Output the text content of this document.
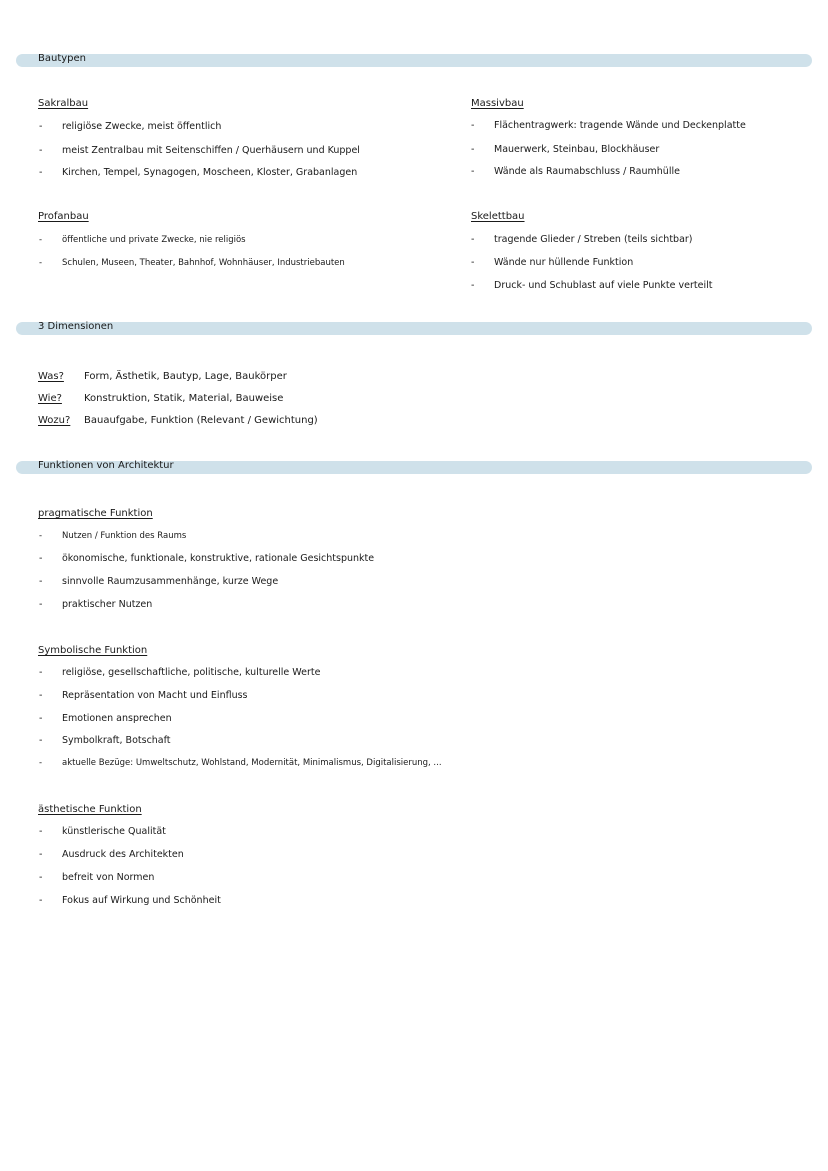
Bautypen
Sakralbau
- religiöse Zwecke, meist öffentlich
- meist Zentralbau mit Seitenschiffen / Querhäusern und Kuppel
- Kirchen, Tempel, Synagogen, Moscheen, Kloster, Grabanlagen
Profanbau
- öffentliche und private Zwecke, nie religiös
- Schulen, Museen, Theater, Bahnhof, Wohnhäuser, Industriebauten
Massivbau
- Flächentragwerk: tragende Wände und Deckenplatte
- Mauerwerk, Steinbau, Blockhäuser
- Wände als Raumabschluss / Raumhülle
Skelettbau
- tragende Glieder / Streben (teils sichtbar)
- Wände nur hüllende Funktion
- Druck- und Schublast auf viele Punkte verteilt
3 Dimensionen
Was? Form, Ästhetik, Bautyp, Lage, Baukörper
Wie? Konstruktion, Statik, Material, Bauweise
Wozu? Bauaufgabe, Funktion (Relevant / Gewichtung)
Funktionen von Architektur
pragmatische Funktion
- Nutzen / Funktion des Raums
- ökonomische, funktionale, konstruktive, rationale Gesichtspunkte
- sinnvolle Raumzusammenhänge, kurze Wege
- praktischer Nutzen
Symbolische Funktion
- religiöse, gesellschaftliche, politische, kulturelle Werte
- Repräsentation von Macht und Einfluss
- Emotionen ansprechen
- Symbolkraft, Botschaft
- aktuelle Bezüge: Umweltschutz, Wohlstand, Modernität, Minimalismus, Digitalisierung, ...
ästhetische Funktion
- künstlerische Qualität
- Ausdruck des Architekten
- befreit von Normen
- Fokus auf Wirkung und Schönheit
